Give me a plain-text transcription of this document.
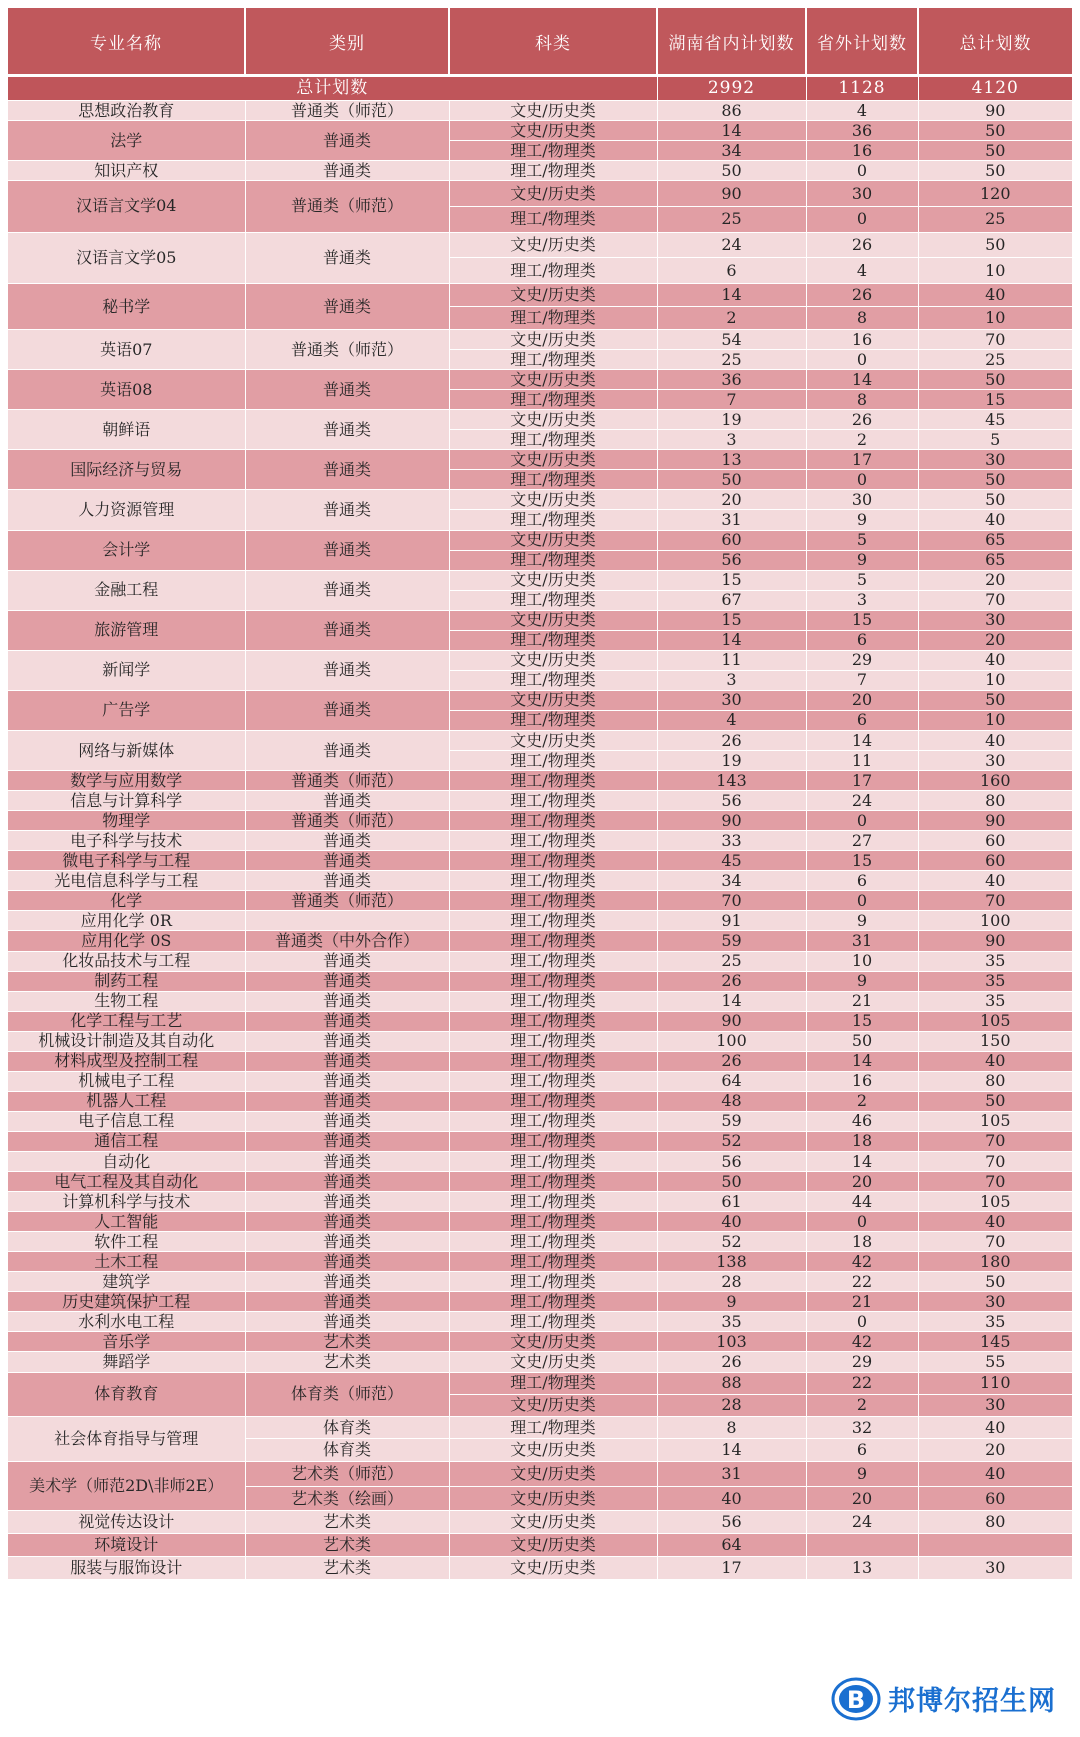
专业名称	类别	科类	湖南省内计划数	省外计划数	总计划数

总计划数			2992	1128	4120
思想政治教育	普通类（师范）	文史/历史类	86	4	90
法学	普通类	文史/历史类	14	36	50
		理工/物理类	34	16	50
知识产权	普通类	理工/物理类	50	0	50
汉语言文学04	普通类（师范）	文史/历史类	90	30	120
		理工/物理类	25	0	25
汉语言文学05	普通类	文史/历史类	24	26	50
		理工/物理类	6	4	10
秘书学	普通类	文史/历史类	14	26	40
		理工/物理类	2	8	10
英语07	普通类（师范）	文史/历史类	54	16	70
		理工/物理类	25	0	25
英语08	普通类	文史/历史类	36	14	50
		理工/物理类	7	8	15
朝鲜语	普通类	文史/历史类	19	26	45
		理工/物理类	3	2	5
国际经济与贸易	普通类	文史/历史类	13	17	30
		理工/物理类	50	0	50
人力资源管理	普通类	文史/历史类	20	30	50
		理工/物理类	31	9	40
会计学	普通类	文史/历史类	60	5	65
		理工/物理类	56	9	65
金融工程	普通类	文史/历史类	15	5	20
		理工/物理类	67	3	70
旅游管理	普通类	文史/历史类	15	15	30
		理工/物理类	14	6	20
新闻学	普通类	文史/历史类	11	29	40
		理工/物理类	3	7	10
广告学	普通类	文史/历史类	30	20	50
		理工/物理类	4	6	10
网络与新媒体	普通类	文史/历史类	26	14	40
		理工/物理类	19	11	30
数学与应用数学	普通类（师范）	理工/物理类	143	17	160
信息与计算科学	普通类	理工/物理类	56	24	80
物理学	普通类（师范）	理工/物理类	90	0	90
电子科学与技术	普通类	理工/物理类	33	27	60
微电子科学与工程	普通类	理工/物理类	45	15	60
光电信息科学与工程	普通类	理工/物理类	34	6	40
化学	普通类（师范）	理工/物理类	70	0	70
应用化学 0R		理工/物理类	91	9	100
应用化学 0S	普通类（中外合作）	理工/物理类	59	31	90
化妆品技术与工程	普通类	理工/物理类	25	10	35
制药工程	普通类	理工/物理类	26	9	35
生物工程	普通类	理工/物理类	14	21	35
化学工程与工艺	普通类	理工/物理类	90	15	105
机械设计制造及其自动化	普通类	理工/物理类	100	50	150
材料成型及控制工程	普通类	理工/物理类	26	14	40
机械电子工程	普通类	理工/物理类	64	16	80
机器人工程	普通类	理工/物理类	48	2	50
电子信息工程	普通类	理工/物理类	59	46	105
通信工程	普通类	理工/物理类	52	18	70
自动化	普通类	理工/物理类	56	14	70
电气工程及其自动化	普通类	理工/物理类	50	20	70
计算机科学与技术	普通类	理工/物理类	61	44	105
人工智能	普通类	理工/物理类	40	0	40
软件工程	普通类	理工/物理类	52	18	70
土木工程	普通类	理工/物理类	138	42	180
建筑学	普通类	理工/物理类	28	22	50
历史建筑保护工程	普通类	理工/物理类	9	21	30
水利水电工程	普通类	理工/物理类	35	0	35
音乐学	艺术类	文史/历史类	103	42	145
舞蹈学	艺术类	文史/历史类	26	29	55
体育教育	体育类（师范）	理工/物理类	88	22	110
		文史/历史类	28	2	30
社会体育指导与管理	体育类	理工/物理类	8	32	40
	体育类	文史/历史类	14	6	20
美术学（师范2D\非师2E）	艺术类（师范）	文史/历史类	31	9	40
	艺术类（绘画）	文史/历史类	40	20	60
视觉传达设计	艺术类	文史/历史类	56	24	80
环境设计	艺术类	文史/历史类	64		
服装与服饰设计	艺术类	文史/历史类	17	13	30
B 邦博尔招生网
